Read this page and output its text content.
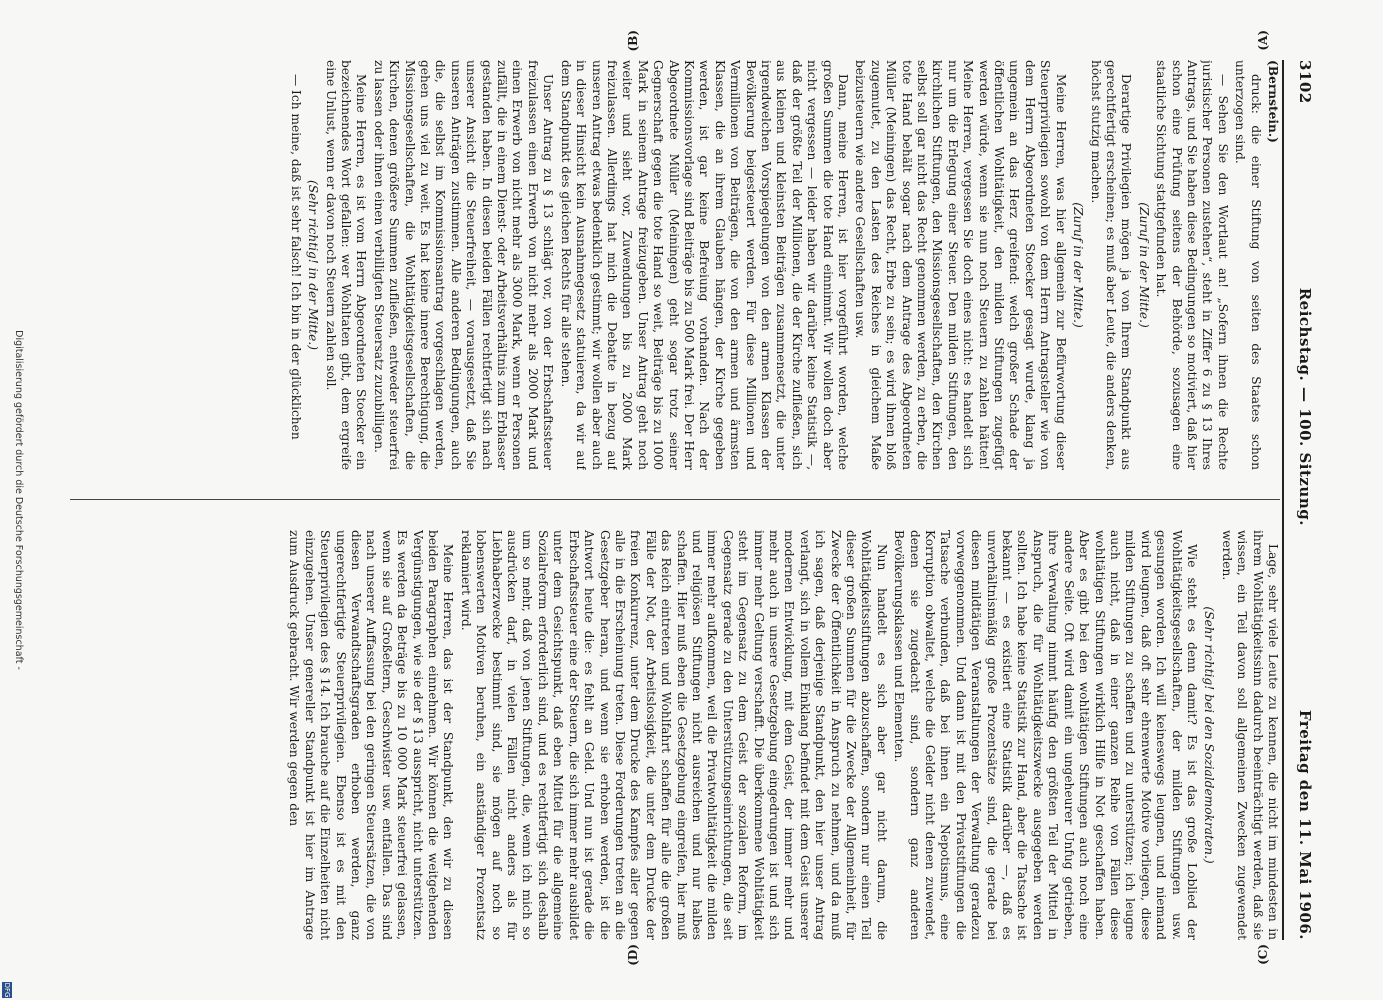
3102
Reichstag. — 100. Sitzung.
Freitag den 11. Mai 1906.

(Bernstein.)

druck: die einer Stiftung von seiten des Staates schon unterzogen sind.

— Sehen Sie den Wortlaut an! „Sofern ihnen die Rechte juristischer Personen zustehen“, steht in Ziffer 6 zu § 13 Ihres Antrags, und Sie haben diese Bedingungen so motiviert, daß hier schon eine Prüfung seitens der Behörde, sozusagen eine staatliche Sichtung stattgefunden hat.

(Zuruf in der Mitte.)

Derartige Privilegien mögen ja von Ihrem Standpunkt aus gerechtfertigt erscheinen; es muß aber Leute, die anders denken, höchst stutzig machen.

(Zuruf in der Mitte.)

Meine Herren, was hier allgemein zur Befürwortung dieser Steuerprivilegien sowohl von dem Herrn Antragsteller wie von dem Herrn Abgeordneten Stoecker gesagt wurde, klang ja ungemein an das Herz greifend: welch großer Schade der öffentlichen Wohltätigkeit, den milden Stiftungen zugefügt werden würde, wenn sie nun noch Steuern zu zahlen hätten! Meine Herren, vergessen Sie doch eines nicht: es handelt sich nur um die Erlegung einer Steuer. Den milden Stiftungen, den kirchlichen Stiftungen, den Missionsgesellschaften, den Kirchen selbst soll gar nicht das Recht genommen werden, zu erben, die tote Hand behält sogar nach dem Antrage des Abgeordneten Müller (Meiningen) das Recht, Erbe zu sein; es wird ihnen bloß zugemutet, zu den Lasten des Reiches in gleichem Maße beizusteuern wie andere Gesellschaften usw.

Dann, meine Herren, ist hier vorgeführt worden, welche großen Summen die tote Hand einnimmt. Wir wollen doch aber nicht vergessen — leider haben wir darüber keine Statistik —, daß der größte Teil der Millionen, die der Kirche zufließen, sich aus kleinen und kleinsten Beiträgen zusammensetzt, die unter irgendwelchen Vorspiegelungen von den armen Klassen der Bevölkerung beigesteuert werden. Für diese Millionen und Vermillionen von Beiträgen, die von den armen und ärmsten Klassen, die an ihrem Glauben hängen, der Kirche gegeben werden, ist gar keine Befreiung vorhanden. Nach der Kommissionsvorlage sind Beiträge bis zu 500 Mark frei. Der Herr Abgeordnete Müller (Meiningen) geht sogar trotz seiner Gegnerschaft gegen die tote Hand so weit, Beiträge bis zu 1000 Mark in seinem Antrage freizugeben. Unser Antrag geht noch weiter und sieht vor, Zuwendungen bis zu 2000 Mark freizulassen. Allerdings hat mich die Debatte in bezug auf unseren Antrag etwas bedenklich gestimmt; wir wollen aber auch in dieser Hinsicht kein Ausnahmegesetz statuieren, da wir auf dem Standpunkt des gleichen Rechts für alle stehen.

Unser Antrag zu § 13 schlägt vor, von der Erbschaftssteuer freizulassen einen Erwerb von nicht mehr als 2000 Mark und einen Erwerb von nicht mehr als 3000 Mark, wenn er Personen zufällt, die in einem Dienst- oder Arbeitsverhältnis zum Erblasser gestanden haben. In diesen beiden Fällen rechtfertigt sich nach unserer Ansicht die Steuerfreiheit, — vorausgesetzt, daß Sie unseren Anträgen zustimmen. Alle anderen Bedingungen, auch die, die selbst im Kommissionsantrag vorgeschlagen werden, gehen uns viel zu weit. Es hat keine innere Berechtigung, die Missionsgesellschaften, die Wohltätigkeitsgesellschaften, die Kirchen, denen größere Summen zufließen, entweder steuerfrei zu lassen oder ihnen einen verbilligten Steuersatz zuzubilligen.

Meine Herren, es ist vom Herrn Abgeordneten Stoecker ein bezeichnendes Wort gefallen: wer Wohltaten gibt, dem ergreife eine Unlust, wenn er davon noch Steuern zahlen soll.

(Sehr richtig! in der Mitte.)

— Ich meine, daß ist sehr falsch! Ich bin in der glücklichen

Lage, sehr viele Leute zu kennen, die nicht im mindesten in ihrem Wohltätigkeitssinn dadurch beeinträchtigt werden, daß sie wissen, ein Teil davon soll allgemeinen Zwecken zugewendet werden.

(Sehr richtig! bei den Sozialdemokraten.)

Wie steht es denn damit? Es ist das große Loblied der Wohltätigkeitsgesellschaften, der milden Stiftungen usw. gesungen worden. Ich will keineswegs leugnen, und niemand wird leugnen, daß oft sehr ehrenwerte Motive vorliegen, diese milden Stiftungen zu schaffen und zu unterstützen; ich leugne auch nicht, daß in einer ganzen Reihe von Fällen diese wohltätigen Stiftungen wirklich Hilfe in Not geschaffen haben. Aber es gibt bei den wohltätigen Stiftungen auch noch eine andere Seite. Oft wird damit ein ungeheurer Unfug getrieben, ihre Verwaltung nimmt häufig den größten Teil der Mittel in Anspruch, die für Wohltätigkeitszwecke ausgegeben werden sollten. Ich habe keine Statistik zur Hand, aber die Tatsache ist bekannt — es existiert eine Statistik darüber —, daß es unverhältnismäßig große Prozentsätze sind, die gerade bei diesen mildtätigen Veranstaltungen der Verwaltung geradezu vorweggenommen. Und dann ist mit den Privatstiftungen die Tatsache verbunden, daß bei ihnen ein Nepotismus, eine Korruption obwaltet, welche die Gelder nicht denen zuwendet, denen sie zugedacht sind, sondern ganz anderen Bevölkerungsklassen und Elementen.

Nun handelt es sich aber gar nicht darum, die Wohltätigkeitsstiftungen abzuschaffen, sondern nur einen Teil dieser großen Summen für die Zwecke der Allgemeinheit, für Zwecke der Öffentlichkeit in Anspruch zu nehmen, und da muß ich sagen, daß derjenige Standpunkt, den hier unser Antrag verlangt, sich in vollem Einklang befindet mit dem Geist unserer modernen Entwicklung, mit dem Geist, der immer mehr und mehr auch in unsere Gesetzgebung eingedrungen ist und sich immer mehr Geltung verschafft. Die überkommene Wohltätigkeit steht im Gegensatz zu dem Geist der sozialen Reform, im Gegensatz gerade zu den Unterstützungseinrichtungen, die seit immer mehr aufkommen, weil die Privatwohltätigkeit die milden und religiösen Stiftungen nicht ausreichen und nur halbes schaffen. Hier muß eben die Gesetzgebung eingreifen, hier muß das Reich eintreten und Wohlfahrt schaffen für alle die großen Fälle der Not, der Arbeitslosigkeit, die unter dem Drucke der freien Konkurrenz, unter dem Drucke des Kampfes aller gegen alle in die Erscheinung treten. Diese Forderungen treten an die Gesetzgeber heran, und wenn sie erhoben werden, ist die Antwort heute die: es fehlt an Geld. Und nun ist gerade die Erbschaftssteuer eine der Steuern, die sich immer mehr ausbildet unter dem Gesichtspunkt, daß eben Mittel für die allgemeine Sozialreform erforderlich sind, und es rechtfertigt sich deshalb um so mehr, daß von jenen Stiftungen, die, wenn ich mich so ausdrücken darf, in vielen Fällen nicht anders als für Liebhaberzwecke bestimmt sind, sie mögen auf noch so lobenswerten Motiven beruhen, ein anständiger Prozentsatz reklamiert wird.

Meine Herren, das ist der Standpunkt, den wir zu diesen beiden Paragraphen einnehmen. Wir können die weitgehenden Vergünstigungen, wie sie der § 13 ausspricht, nicht unterstützen. Es werden da Beträge bis zu 10 000 Mark steuerfrei gelassen, wenn sie auf Großeltern, Geschwister usw. entfallen. Das sind nach unserer Auffassung bei den geringen Steuersätzen, die von diesen Verwandtschaftsgraden erhoben werden, ganz ungerechtfertigte Steuerprivilegien. Ebenso ist es mit den Steuerprivilegien des § 14. Ich brauche auf die Einzelheiten nicht einzugehen. Unser genereller Standpunkt ist hier im Antrage zum Ausdruck gebracht. Wir werden gegen den

(A)
(B)
(C)
(D)
Digitalisierung gefördert durch die Deutsche Forschungsgemeinschaft -
DFG
